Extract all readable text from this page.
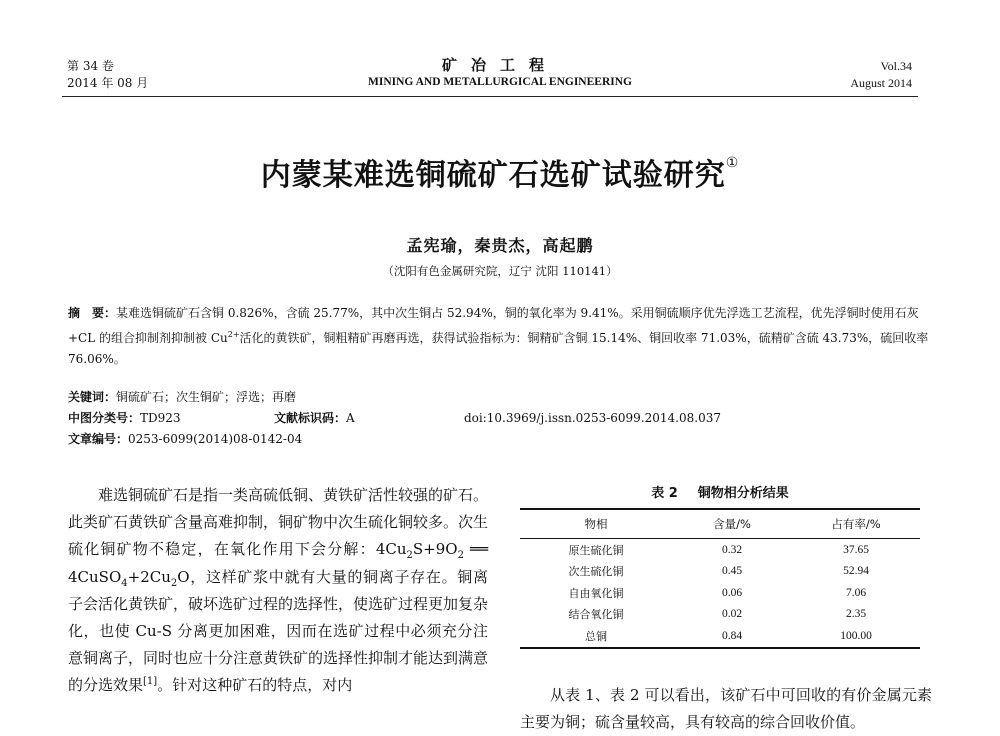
第 34 卷
2014 年 08 月
矿冶工程
MINING AND METALLURGICAL ENGINEERING
Vol.34
August 2014
内蒙某难选铜硫矿石选矿试验研究①
孟宪瑜，秦贵杰，高起鹏
（沈阳有色金属研究院，辽宁 沈阳 110141）
摘　要：某难选铜硫矿石含铜 0.826%，含硫 25.77%，其中次生铜占 52.94%，铜的氧化率为 9.41%。采用铜硫顺序优先浮选工艺流程，优先浮铜时使用石灰+CL 的组合抑制剂抑制被 $Cu^{2+}$活化的黄铁矿，铜粗精矿再磨再选，获得试验指标为：铜精矿含铜 15.14%、铜回收率 71.03%，硫精矿含硫 43.73%，硫回收率 76.06%。
关键词：铜硫矿石；次生铜矿；浮选；再磨
中图分类号：TD923	文献标识码：A	doi:10.3969/j.issn.0253-6099.2014.08.037
文章编号：0253-6099(2014)08-0142-04

难选铜硫矿石是指一类高硫低铜、黄铁矿活性较强的矿石。此类矿石黄铁矿含量高难抑制，铜矿物中次生硫化铜较多。次生硫化铜矿物不稳定，在氧化作用下会分解：$4Cu_2S+9O_2$ ══ $4CuSO_4+2Cu_2O$，这样矿浆中就有大量的铜离子存在。铜离子会活化黄铁矿，破坏选矿过程的选择性，使选矿过程更加复杂化，也使 Cu-S 分离更加困难，因而在选矿过程中必须充分注意铜离子，同时也应十分注意黄铁矿的选择性抑制才能达到满意的分选效果[1]。针对这种矿石的特点，对内

表 2 铜物相分析结果
物相	含量/%	占有率/%
原生硫化铜	0.32	37.65
次生硫化铜	0.45	52.94
自由氧化铜	0.06	7.06
结合氧化铜	0.02	2.35
总铜	0.84	100.00

从表 1、表 2 可以看出，该矿石中可回收的有价金属元素主要为铜；硫含量较高，具有较高的综合回收价值。
